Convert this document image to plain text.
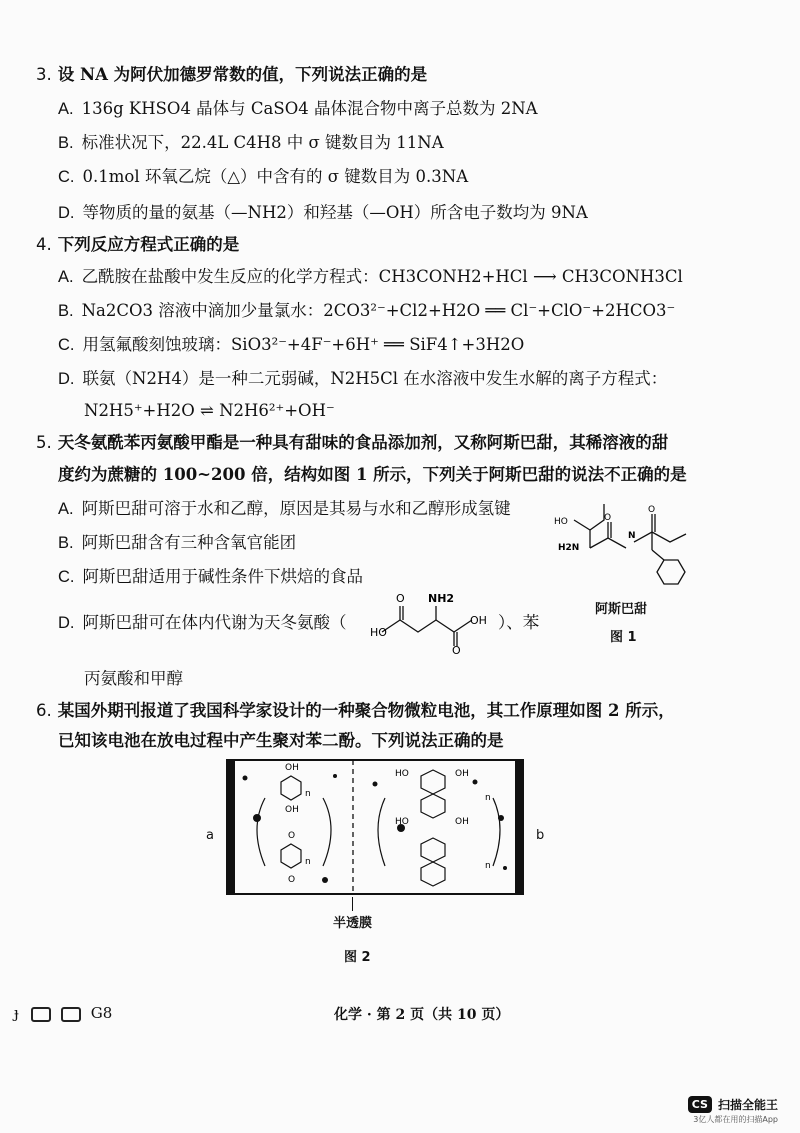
3. 设 NA 为阿伏加德罗常数的值，下列说法正确的是
A. 136g KHSO4 晶体与 CaSO4 晶体混合物中离子总数为 2NA
B. 标准状况下，22.4L C4H8 中 σ 键数目为 11NA
C. 0.1mol 环氧乙烷（△）中含有的 σ 键数目为 0.3NA
D. 等物质的量的氨基（—NH2）和羟基（—OH）所含电子数均为 9NA
4. 下列反应方程式正确的是
A. 乙酰胺在盐酸中发生反应的化学方程式：CH3CONH2+HCl ⟶ CH3CONH3Cl
B. Na2CO3 溶液中滴加少量氯水：2CO3²⁻+Cl2+H2O ══ Cl⁻+ClO⁻+2HCO3⁻
C. 用氢氟酸刻蚀玻璃：SiO3²⁻+4F⁻+6H⁺ ══ SiF4↑+3H2O
D. 联氨（N2H4）是一种二元弱碱，N2H5Cl 在水溶液中发生水解的离子方程式：
N2H5⁺+H2O ⇌ N2H6²⁺+OH⁻
5. 天冬氨酰苯丙氨酸甲酯是一种具有甜味的食品添加剂，又称阿斯巴甜，其稀溶液的甜
度约为蔗糖的 100~200 倍，结构如图 1 所示，下列关于阿斯巴甜的说法不正确的是
A. 阿斯巴甜可溶于水和乙醇，原因是其易与水和乙醇形成氢键
B. 阿斯巴甜含有三种含氧官能团
C. 阿斯巴甜适用于碱性条件下烘焙的食品
D. 阿斯巴甜可在体内代谢为天冬氨酸（	）、苯
丙氨酸和甲醇
O
HO
NH2
O
OH
HO
H2N
N
O
O
阿斯巴甜
图 1
6. 某国外期刊报道了我国科学家设计的一种聚合物微粒电池，其工作原理如图 2 所示，
已知该电池在放电过程中产生聚对苯二酚。下列说法正确的是
OH
OH
O
O
HO	OH
HO	OH
n
n
n
n
a	b
半透膜
图 2
ɟ	G8	化学 · 第 2 页（共 10 页）
CS 扫描全能王
3亿人都在用的扫描App
